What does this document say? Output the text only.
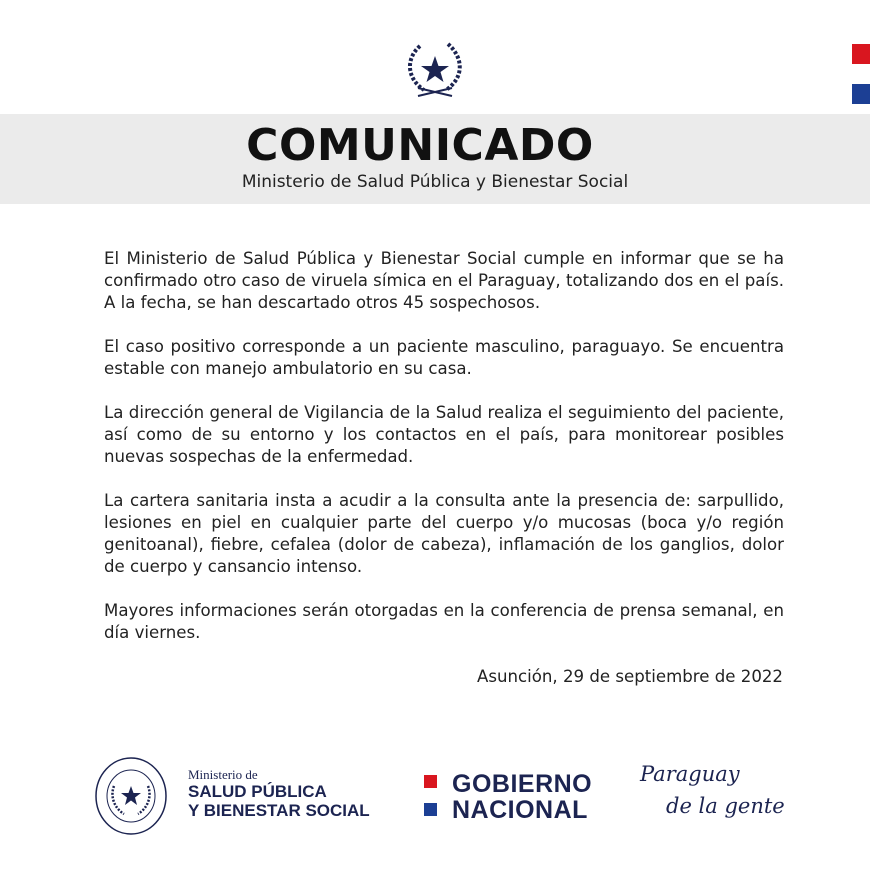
COMUNICADO
Ministerio de Salud Pública y Bienestar Social

El Ministerio de Salud Pública y Bienestar Social cumple en informar que se ha confirmado otro caso de viruela símica en el Paraguay, totalizando dos en el país. A la fecha, se han descartado otros 45 sospechosos.

El caso positivo corresponde a un paciente masculino, paraguayo. Se encuentra estable con manejo ambulatorio en su casa.

La dirección general de Vigilancia de la Salud realiza el seguimiento del paciente, así como de su entorno y los contactos en el país, para monitorear posibles nuevas sospechas de la enfermedad.

La cartera sanitaria insta a acudir a la consulta ante la presencia de: sarpullido, lesiones en piel en cualquier parte del cuerpo y/o mucosas (boca y/o región genitoanal), fiebre, cefalea (dolor de cabeza), inflamación de los ganglios, dolor de cuerpo y cansancio intenso.

Mayores informaciones serán otorgadas en la conferencia de prensa semanal, en día viernes.

Asunción, 29 de septiembre de 2022
Ministerio de
SALUD PÚBLICA
Y BIENESTAR SOCIAL
GOBIERNO
NACIONAL
Paraguay
de la gente
